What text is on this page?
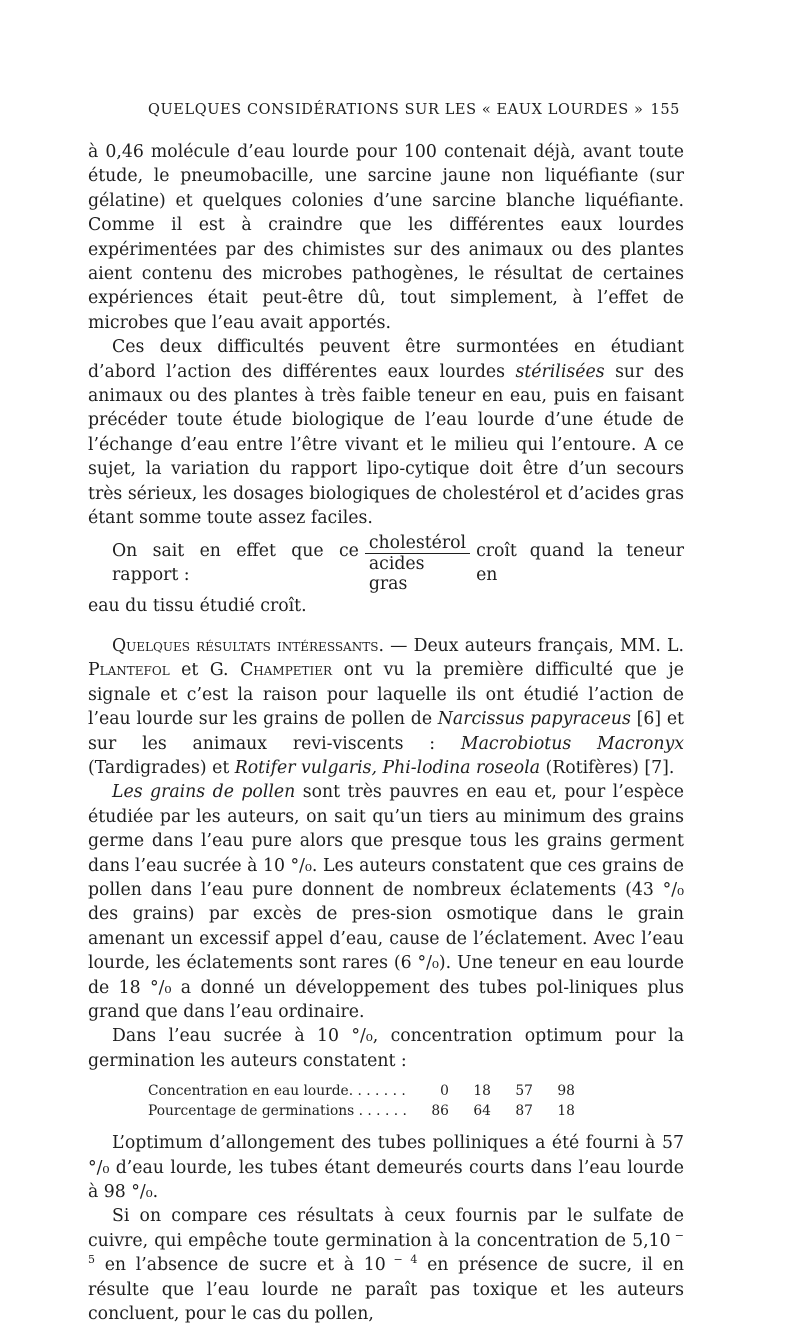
QUELQUES CONSIDÉRATIONS SUR LES « EAUX LOURDES » 155

à 0,46 molécule d’eau lourde pour 100 contenait déjà, avant toute étude, le pneumobacille, une sarcine jaune non liquéfiante (sur gélatine) et quelques colonies d’une sarcine blanche liquéfiante. Comme il est à craindre que les différentes eaux lourdes expérimentées par des chimistes sur des animaux ou des plantes aient contenu des microbes pathogènes, le résultat de certaines expériences était peut-être dû, tout simplement, à l’effet de microbes que l’eau avait apportés.

Ces deux difficultés peuvent être surmontées en étudiant d’abord l’action des différentes eaux lourdes stérilisées sur des animaux ou des plantes à très faible teneur en eau, puis en faisant précéder toute étude biologique de l’eau lourde d’une étude de l’échange d’eau entre l’être vivant et le milieu qui l’entoure. A ce sujet, la variation du rapport lipo-cytique doit être d’un secours très sérieux, les dosages biologiques de cholestérol et d’acides gras étant somme toute assez faciles.

On sait en effet que ce rapport :	$\frac{\text{cholestérol}}{\text{acides gras}}$ croît quand la teneur en

eau du tissu étudié croît.

Quelques résultats intéressants. — Deux auteurs français, MM. L. Plantefol et G. Champetier ont vu la première difficulté que je signale et c’est la raison pour laquelle ils ont étudié l’action de l’eau lourde sur les grains de pollen de Narcissus papyraceus [6] et sur les animaux revi-viscents : Macrobiotus Macronyx (Tardigrades) et Rotifer vulgaris, Phi-lodina roseola (Rotifères) [7].

Les grains de pollen sont très pauvres en eau et, pour l’espèce étudiée par les auteurs, on sait qu’un tiers au minimum des grains germe dans l’eau pure alors que presque tous les grains germent dans l’eau sucrée à 10 °/₀. Les auteurs constatent que ces grains de pollen dans l’eau pure donnent de nombreux éclatements (43 °/₀ des grains) par excès de pres-sion osmotique dans le grain amenant un excessif appel d’eau, cause de l’éclatement. Avec l’eau lourde, les éclatements sont rares (6 °/₀). Une teneur en eau lourde de 18 °/₀ a donné un développement des tubes pol-liniques plus grand que dans l’eau ordinaire.

Dans l’eau sucrée à 10 °/₀, concentration optimum pour la germination les auteurs constatent :

Concentration en eau lourde. . . . . . .	0	18	57	98
Pourcentage de germinations . . . . . .	86	64	87	18

L’optimum d’allongement des tubes polliniques a été fourni à 57 °/₀ d’eau lourde, les tubes étant demeurés courts dans l’eau lourde à 98 °/₀.

Si on compare ces résultats à ceux fournis par le sulfate de cuivre, qui empêche toute germination à la concentration de 5,10 $^{- 5}$ en l’absence de sucre et à 10 $^{- 4}$ en présence de sucre, il en résulte que l’eau lourde ne paraît pas toxique et les auteurs concluent, pour le cas du pollen,
